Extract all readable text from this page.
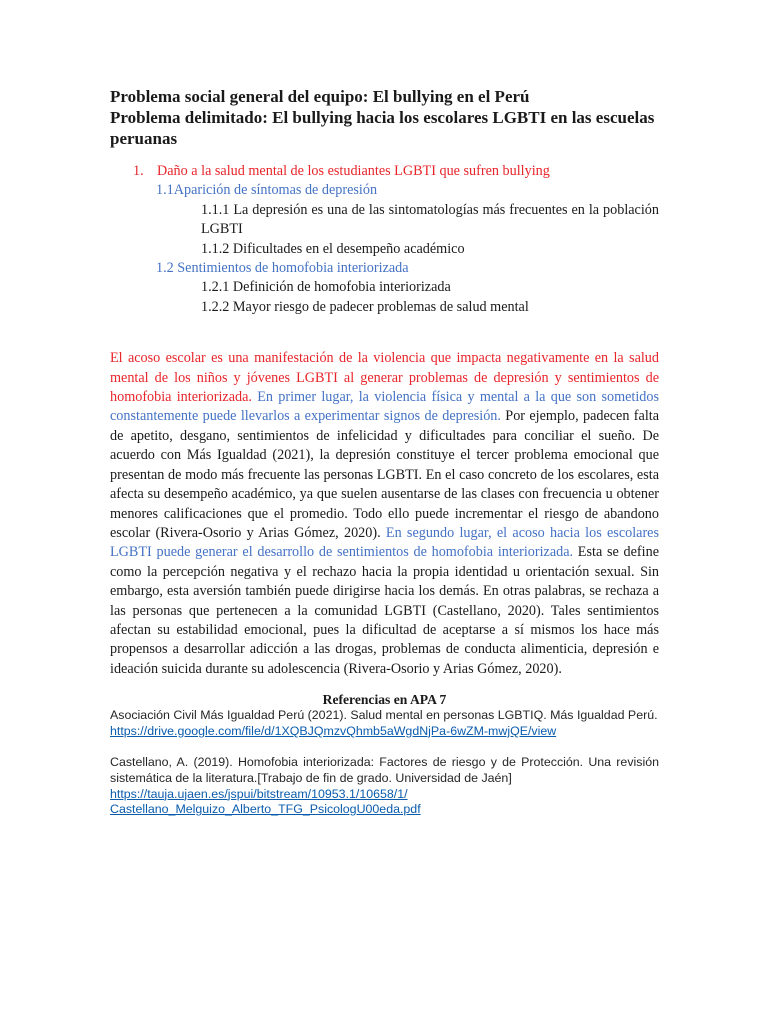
Problema social general del equipo: El bullying en el Perú

Problema delimitado: El bullying hacia los escolares LGBTI en las escuelas peruanas

1. Daño a la salud mental de los estudiantes LGBTI que sufren bullying
1.1Aparición de síntomas de depresión
1.1.1 La depresión es una de las sintomatologías más frecuentes en la población LGBTI
1.1.2 Dificultades en el desempeño académico
1.2 Sentimientos de homofobia interiorizada
1.2.1 Definición de homofobia interiorizada
1.2.2 Mayor riesgo de padecer problemas de salud mental
El acoso escolar es una manifestación de la violencia que impacta negativamente en la salud mental de los niños y jóvenes LGBTI al generar problemas de depresión y sentimientos de homofobia interiorizada. En primer lugar, la violencia física y mental a la que son sometidos constantemente puede llevarlos a experimentar signos de depresión. Por ejemplo, padecen falta de apetito, desgano, sentimientos de infelicidad y dificultades para conciliar el sueño. De acuerdo con Más Igualdad (2021), la depresión constituye el tercer problema emocional que presentan de modo más frecuente las personas LGBTI. En el caso concreto de los escolares, esta afecta su desempeño académico, ya que suelen ausentarse de las clases con frecuencia u obtener menores calificaciones que el promedio. Todo ello puede incrementar el riesgo de abandono escolar (Rivera-Osorio y Arias Gómez, 2020). En segundo lugar, el acoso hacia los escolares LGBTI puede generar el desarrollo de sentimientos de homofobia interiorizada. Esta se define como la percepción negativa y el rechazo hacia la propia identidad u orientación sexual. Sin embargo, esta aversión también puede dirigirse hacia los demás. En otras palabras, se rechaza a las personas que pertenecen a la comunidad LGBTI (Castellano, 2020). Tales sentimientos afectan su estabilidad emocional, pues la dificultad de aceptarse a sí mismos los hace más propensos a desarrollar adicción a las drogas, problemas de conducta alimenticia, depresión e ideación suicida durante su adolescencia (Rivera-Osorio y Arias Gómez, 2020).
Referencias en APA 7
Asociación Civil Más Igualdad Perú (2021). Salud mental en personas LGBTIQ. Más Igualdad Perú.
https://drive.google.com/file/d/1XQBJQmzvQhmb5aWgdNjPa-6wZM-mwjQE/view
Castellano, A. (2019). Homofobia interiorizada: Factores de riesgo y de Protección. Una revisión sistemática de la literatura.[Trabajo de fin de grado. Universidad de Jaén]
https://tauja.ujaen.es/jspui/bitstream/10953.1/10658/1/
Castellano_Melguizo_Alberto_TFG_PsicologU00eda.pdf
